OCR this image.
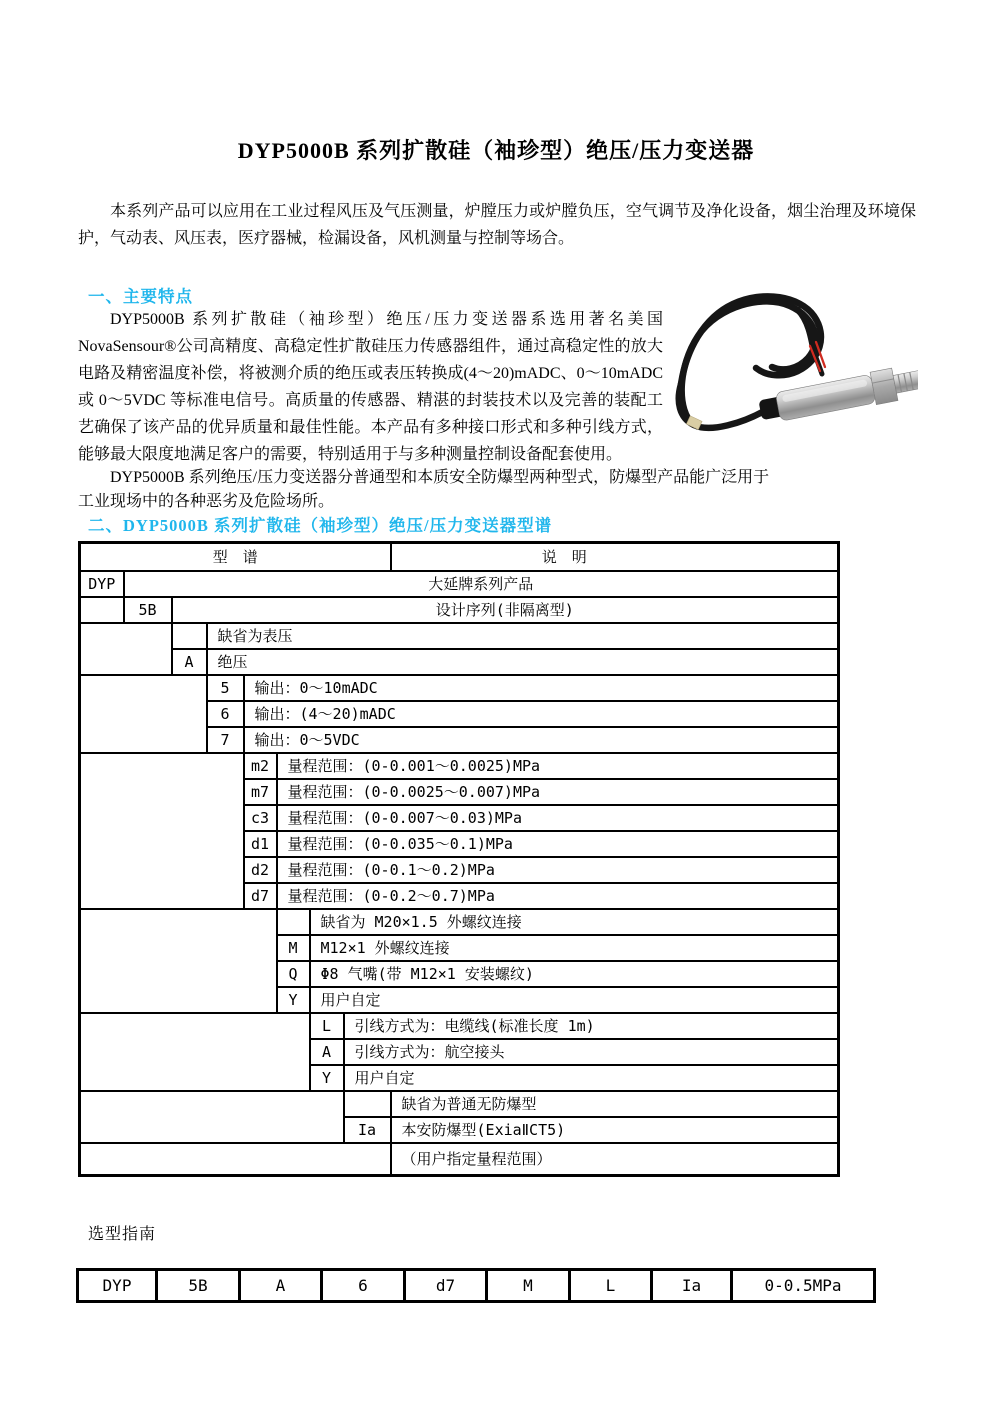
DYP5000B 系列扩散硅（袖珍型）绝压/压力变送器
本系列产品可以应用在工业过程风压及气压测量，炉膛压力或炉膛负压，空气调节及净化设备，烟尘治理及环境保护，气动表、风压表，医疗器械，检漏设备，风机测量与控制等场合。
一、主要特点
DYP5000B 系列扩散硅（袖珍型）绝压/压力变送器系选用著名美国 NovaSensour®公司高精度、高稳定性扩散硅压力传感器组件，通过高稳定性的放大电路及精密温度补偿，将被测介质的绝压或表压转换成(4～20)mADC、0～10mADC 或 0～5VDC 等标准电信号。高质量的传感器、精湛的封装技术以及完善的装配工艺确保了该产品的优异质量和最佳性能。本产品有多种接口形式和多种引线方式，能够最大限度地满足客户的需要，特别适用于与多种测量控制设备配套使用。
DYP5000B 系列绝压/压力变送器分普通型和本质安全防爆型两种型式，防爆型产品能广泛用于工业现场中的各种恶劣及危险场所。
二、DYP5000B 系列扩散硅（袖珍型）绝压/压力变送器型谱
型　谱								说　明
DYP	大延牌系列产品							
	5B	设计序列(非隔离型)						
			缺省为表压					
		A	绝压					
			5	输出：0～10mADC				
			6	输出：(4～20)mADC				
			7	输出：0～5VDC				
				m2	量程范围：(0-0.001～0.0025)MPa			
				m7	量程范围：(0-0.0025～0.007)MPa			
				c3	量程范围：(0-0.007～0.03)MPa			
				d1	量程范围：(0-0.035～0.1)MPa			
				d2	量程范围：(0-0.1～0.2)MPa			
				d7	量程范围：(0-0.2～0.7)MPa			
						缺省为 M20×1.5 外螺纹连接		
					M	M12×1 外螺纹连接		
					Q	Φ8 气嘴(带 M12×1 安装螺纹)		
					Y	用户自定		
						L	引线方式为：电缆线(标准长度 1m)	
						A	引线方式为：航空接头	
						Y	用户自定	
								缺省为普通无防爆型
							Ia	本安防爆型(ExiaⅡCT5)
								（用户指定量程范围）
选型指南
DYP	5B	A	6	d7	M	L	Ia	0-0.5MPa
